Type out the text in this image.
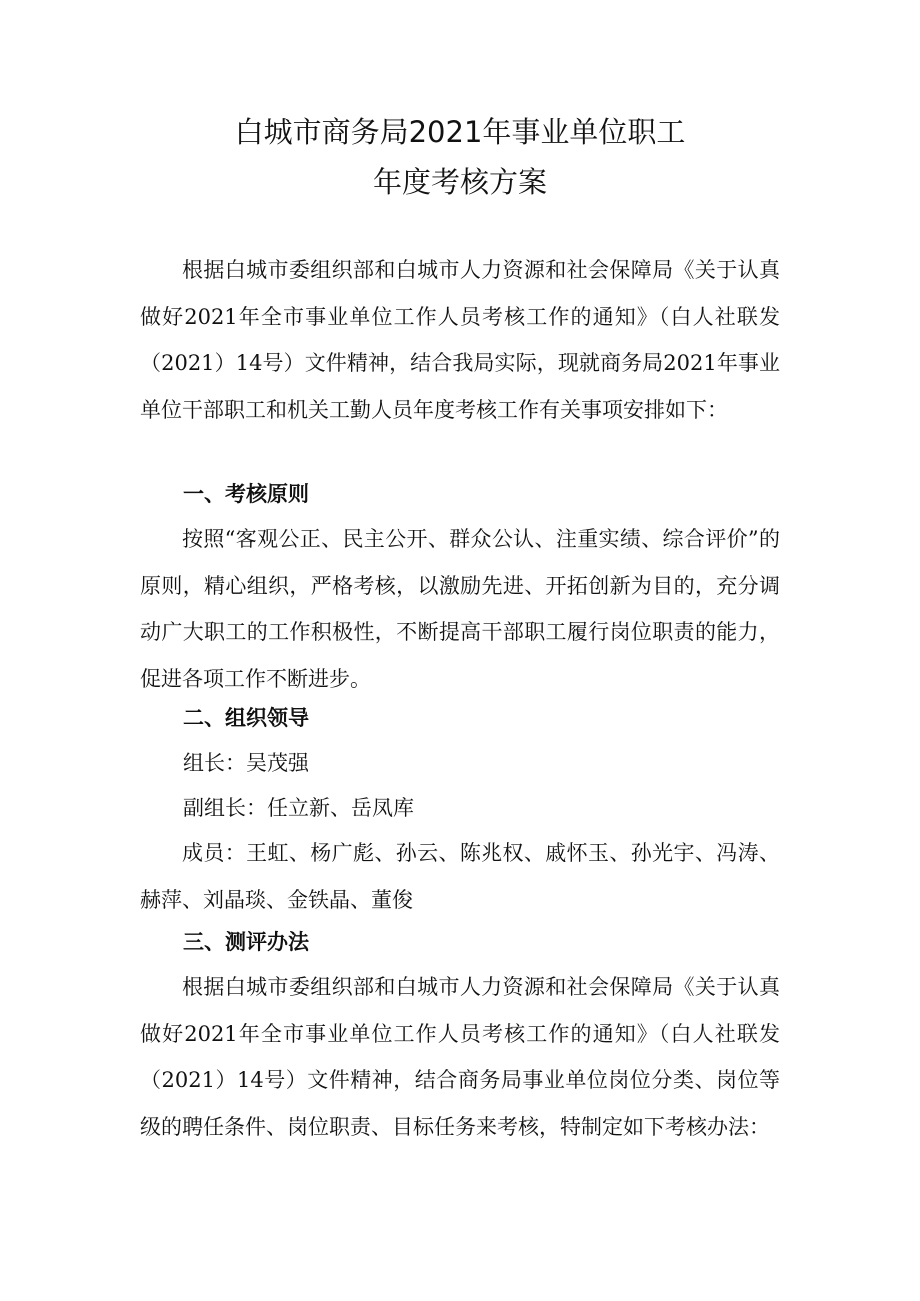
白城市商务局2021年事业单位职工
年度考核方案

根据白城市委组织部和白城市人力资源和社会保障局《关于认真做好2021年全市事业单位工作人员考核工作的通知》（白人社联发（2021）14号）文件精神，结合我局实际，现就商务局2021年事业单位干部职工和机关工勤人员年度考核工作有关事项安排如下：

一、考核原则

按照“客观公正、民主公开、群众公认、注重实绩、综合评价”的原则，精心组织，严格考核，以激励先进、开拓创新为目的，充分调动广大职工的工作积极性，不断提高干部职工履行岗位职责的能力，促进各项工作不断进步。

二、组织领导

组长：吴茂强

副组长：任立新、岳凤库

成员：王虹、杨广彪、孙云、陈兆权、戚怀玉、孙光宇、冯涛、赫萍、刘晶琰、金铁晶、董俊

三、测评办法

根据白城市委组织部和白城市人力资源和社会保障局《关于认真做好2021年全市事业单位工作人员考核工作的通知》（白人社联发（2021）14号）文件精神，结合商务局事业单位岗位分类、岗位等级的聘任条件、岗位职责、目标任务来考核，特制定如下考核办法：
